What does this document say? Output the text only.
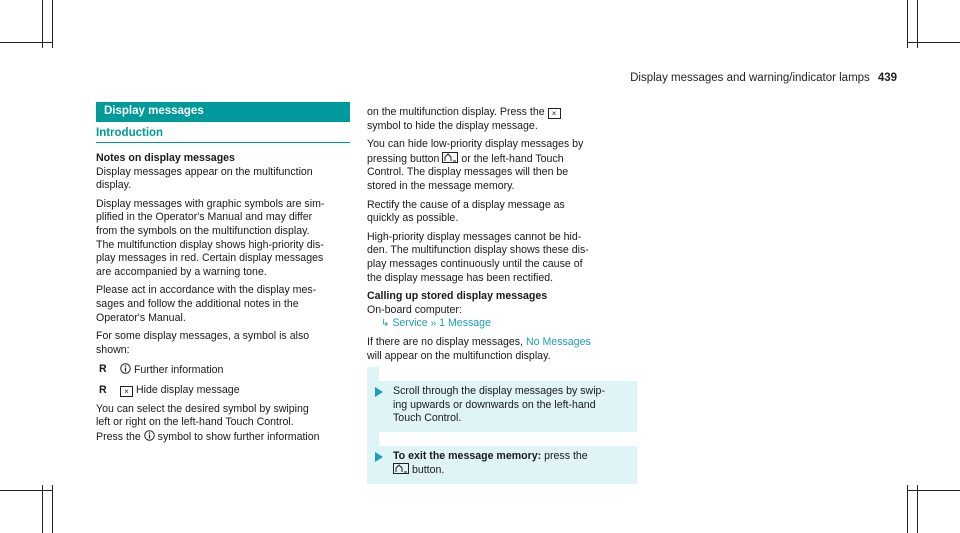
Display messages and warning/indicator lamps 439
Display messages
Introduction
Notes on display messages
Display messages appear on the multifunction
display.
Display messages with graphic symbols are sim-
plified in the Operator's Manual and may differ
from the symbols on the multifunction display.
The multifunction display shows high-priority dis-
play messages in red. Certain display messages
are accompanied by a warning tone.
Please act in accordance with the display mes-
sages and follow the additional notes in the
Operator's Manual.
For some display messages, a symbol is also
shown:
R	Further information
R × Hide display message
You can select the desired symbol by swiping
left or right on the left-hand Touch Control.
Press the symbol to show further information
on the multifunction display. Press the ×
symbol to hide the display message.
You can hide low-priority display messages by
pressing button or the left-hand Touch
Control. The display messages will then be
stored in the message memory.
Rectify the cause of a display message as
quickly as possible.
High-priority display messages cannot be hid-
den. The multifunction display shows these dis-
play messages continuously until the cause of
the display message has been rectified.
Calling up stored display messages
On-board computer:
↳ Service » 1 Message
If there are no display messages, No Messages
will appear on the multifunction display.
Scroll through the display messages by swip-
ing upwards or downwards on the left-hand
Touch Control.
To exit the message memory: press the
button.
